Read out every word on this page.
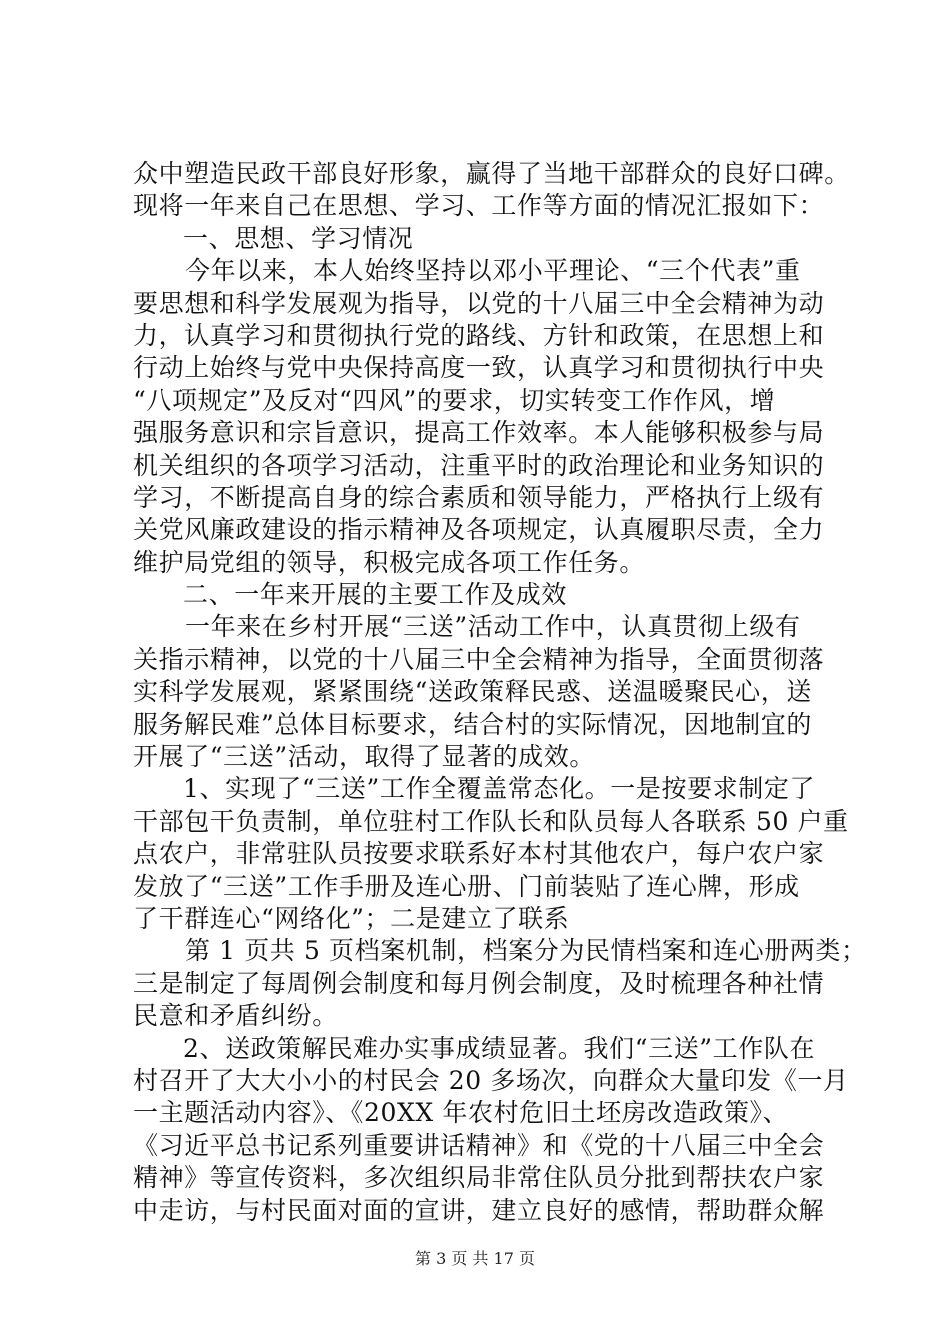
众中塑造民政干部良好形象，赢得了当地干部群众的良好口碑。
现将一年来自己在思想、学习、工作等方面的情况汇报如下：
一、思想、学习情况
今年以来，本人始终坚持以邓小平理论、“三个代表”重
要思想和科学发展观为指导，以党的十八届三中全会精神为动
力，认真学习和贯彻执行党的路线、方针和政策，在思想上和
行动上始终与党中央保持高度一致，认真学习和贯彻执行中央
“八项规定”及反对“四风”的要求，切实转变工作作风，增
强服务意识和宗旨意识，提高工作效率。本人能够积极参与局
机关组织的各项学习活动，注重平时的政治理论和业务知识的
学习，不断提高自身的综合素质和领导能力，严格执行上级有
关党风廉政建设的指示精神及各项规定，认真履职尽责，全力
维护局党组的领导，积极完成各项工作任务。
二、一年来开展的主要工作及成效
一年来在乡村开展“三送”活动工作中，认真贯彻上级有
关指示精神，以党的十八届三中全会精神为指导，全面贯彻落
实科学发展观，紧紧围绕“送政策释民惑、送温暖聚民心，送
服务解民难”总体目标要求，结合村的实际情况，因地制宜的
开展了“三送”活动，取得了显著的成效。
1、实现了“三送”工作全覆盖常态化。一是按要求制定了
干部包干负责制，单位驻村工作队长和队员每人各联系 50 户重
点农户，非常驻队员按要求联系好本村其他农户，每户农户家
发放了“三送”工作手册及连心册、门前装贴了连心牌，形成
了干群连心“网络化”；二是建立了联系
第 1 页共 5 页档案机制，档案分为民情档案和连心册两类；
三是制定了每周例会制度和每月例会制度，及时梳理各种社情
民意和矛盾纠纷。
2、送政策解民难办实事成绩显著。我们“三送”工作队在
村召开了大大小小的村民会 20 多场次，向群众大量印发《一月
一主题活动内容》、《20XX 年农村危旧土坯房改造政策》、
《习近平总书记系列重要讲话精神》和《党的十八届三中全会
精神》等宣传资料，多次组织局非常住队员分批到帮扶农户家
中走访，与村民面对面的宣讲，建立良好的感情，帮助群众解
第 3 页 共 17 页
